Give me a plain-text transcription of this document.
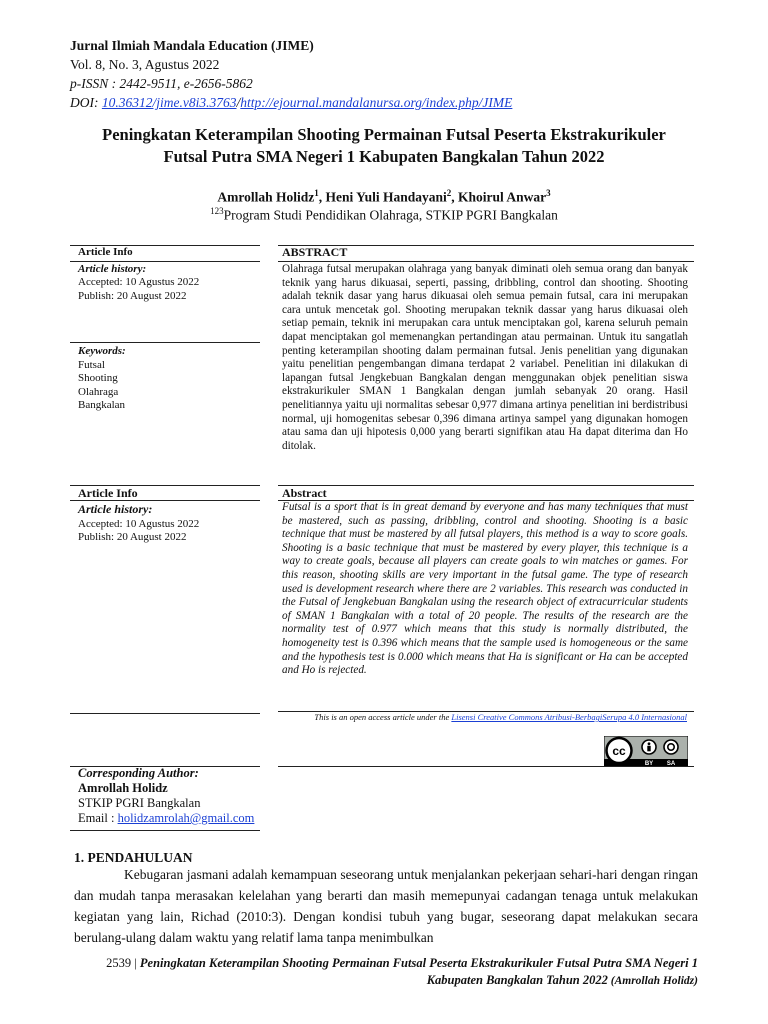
Jurnal Ilmiah Mandala Education (JIME)
Vol. 8, No. 3, Agustus 2022
p-ISSN : 2442-9511, e-2656-5862
DOI: 10.36312/jime.v8i3.3763/http://ejournal.mandalanursa.org/index.php/JIME
Peningkatan Keterampilan Shooting Permainan Futsal Peserta Ekstrakurikuler
Futsal Putra SMA Negeri 1 Kabupaten Bangkalan Tahun 2022
Amrollah Holidz$^1$, Heni Yuli Handayani$^2$, Khoirul Anwar$^3$
$^{123}$Program Studi Pendidikan Olahraga, STKIP PGRI Bangkalan
Article Info
Article history:
Accepted: 10 Agustus 2022
Publish: 20 August 2022
Keywords:
Futsal
Shooting
Olahraga
Bangkalan
ABSTRACT
Olahraga futsal merupakan olahraga yang banyak diminati oleh semua orang dan banyak teknik yang harus dikuasai, seperti, passing, dribbling, control dan shooting. Shooting adalah teknik dasar yang harus dikuasai oleh semua pemain futsal, cara ini merupakan cara untuk mencetak gol. Shooting merupakan teknik dassar yang harus dikuasai oleh setiap pemain, teknik ini merupakan cara untuk menciptakan gol, karena seluruh pemain dapat menciptakan gol memenangkan pertandingan atau permainan. Untuk itu sangatlah penting keterampilan shooting dalam permainan futsal. Jenis penelitian yang digunakan yaitu penelitian pengembangan dimana terdapat 2 variabel. Penelitian ini dilakukan di lapangan futsal Jengkebuan Bangkalan dengan menggunakan objek penelitian siswa ekstrakurikuler SMAN 1 Bangkalan dengan jumlah sebanyak 20 orang. Hasil penelitiannya yaitu uji normalitas sebesar 0,977 dimana artinya penelitian ini berdistribusi normal, uji homogenitas sebesar 0,396 dimana artinya sampel yang digunakan homogen atau sama dan uji hipotesis 0,000 yang berarti signifikan atau Ha dapat diterima dan Ho ditolak.
Article Info
Article history:
Accepted: 10 Agustus 2022
Publish: 20 August 2022
Abstract
Futsal is a sport that is in great demand by everyone and has many techniques that must be mastered, such as passing, dribbling, control and shooting. Shooting is a basic technique that must be mastered by all futsal players, this method is a way to score goals. Shooting is a basic technique that must be mastered by every player, this technique is a way to create goals, because all players can create goals to win matches or games. For this reason, shooting skills are very important in the futsal game. The type of research used is development research where there are 2 variables. This research was conducted in the Futsal of Jengkebuan Bangkalan using the research object of extracurricular students of SMAN 1 Bangkalan with a total of 20 people. The results of the research are the normality test of 0.977 which means that this study is normally distributed, the homogeneity test is 0.396 which means that the sample used is homogeneous or the same and the hypothesis test is 0.000 which means that Ha is significant or Ha can be accepted and Ho is rejected.
This is an open access article under the Lisensi Creative Commons Atribusi-BerbagiSerupa 4.0 Internasional
cc
BY SA
Corresponding Author:
Amrollah Holidz
STKIP PGRI Bangkalan
Email : holidzamrolah@gmail.com
1. PENDAHULUAN
Kebugaran jasmani adalah kemampuan seseorang untuk menjalankan pekerjaan sehari-hari dengan ringan dan mudah tanpa merasakan kelelahan yang berarti dan masih memepunyai cadangan tenaga untuk melakukan kegiatan yang lain, Richad (2010:3). Dengan kondisi tubuh yang bugar, seseorang dapat melakukan secara berulang-ulang dalam waktu yang relatif lama tanpa menimbulkan
2539 | Peningkatan Keterampilan Shooting Permainan Futsal Peserta Ekstrakurikuler Futsal Putra SMA Negeri 1 Kabupaten Bangkalan Tahun 2022 (Amrollah Holidz)
